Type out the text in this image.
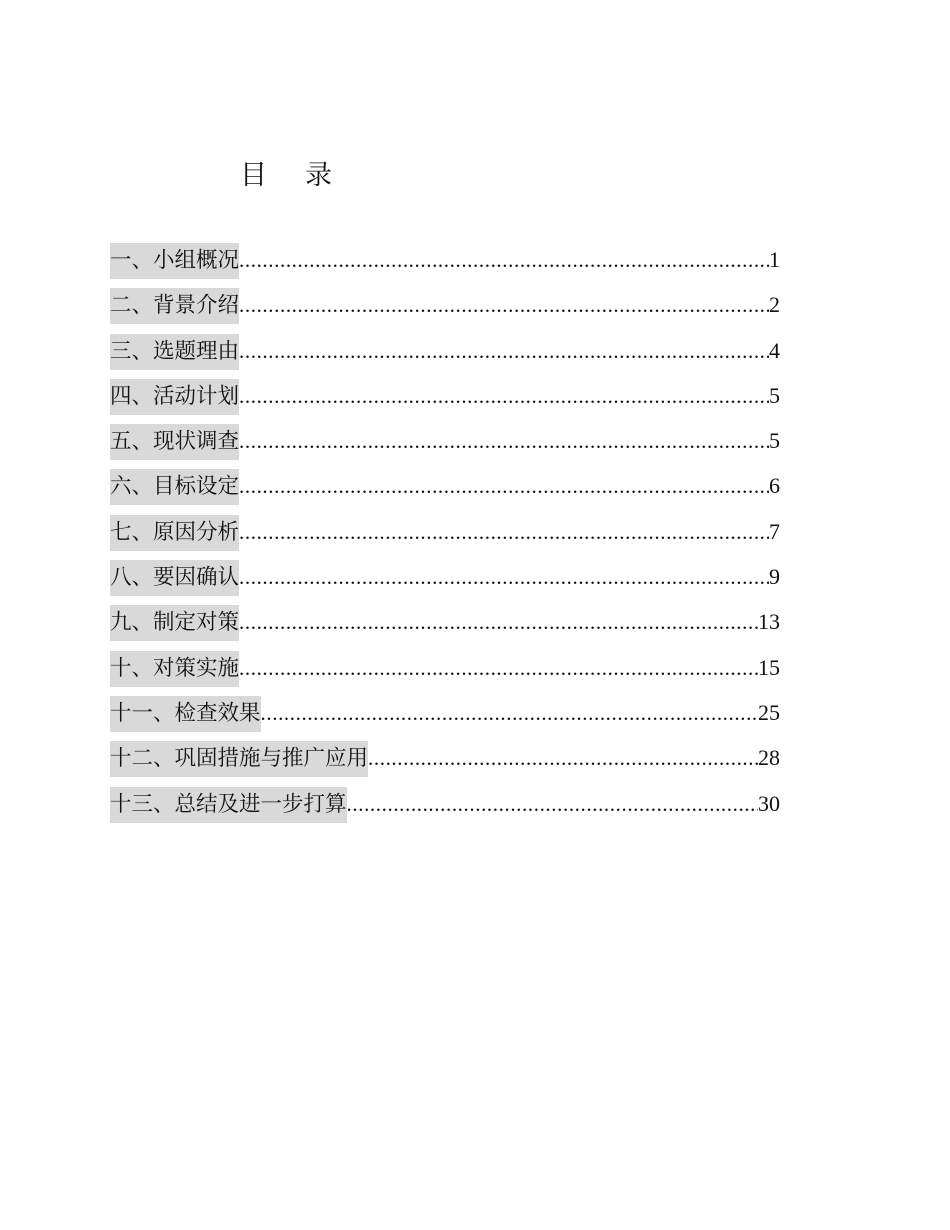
目录
一、小组概况 .....	1
二、背景介绍 .....	2
三、选题理由 .....	4
四、活动计划 .....	5
五、现状调查 .....	5
六、目标设定 .....	6
七、原因分析 .....	7
八、要因确认 .....	9
九、制定对策 .....	13
十、对策实施 .....	15
十一、检查效果 .....	25
十二、巩固措施与推广应用 .....	28
十三、总结及进一步打算 .....	30
